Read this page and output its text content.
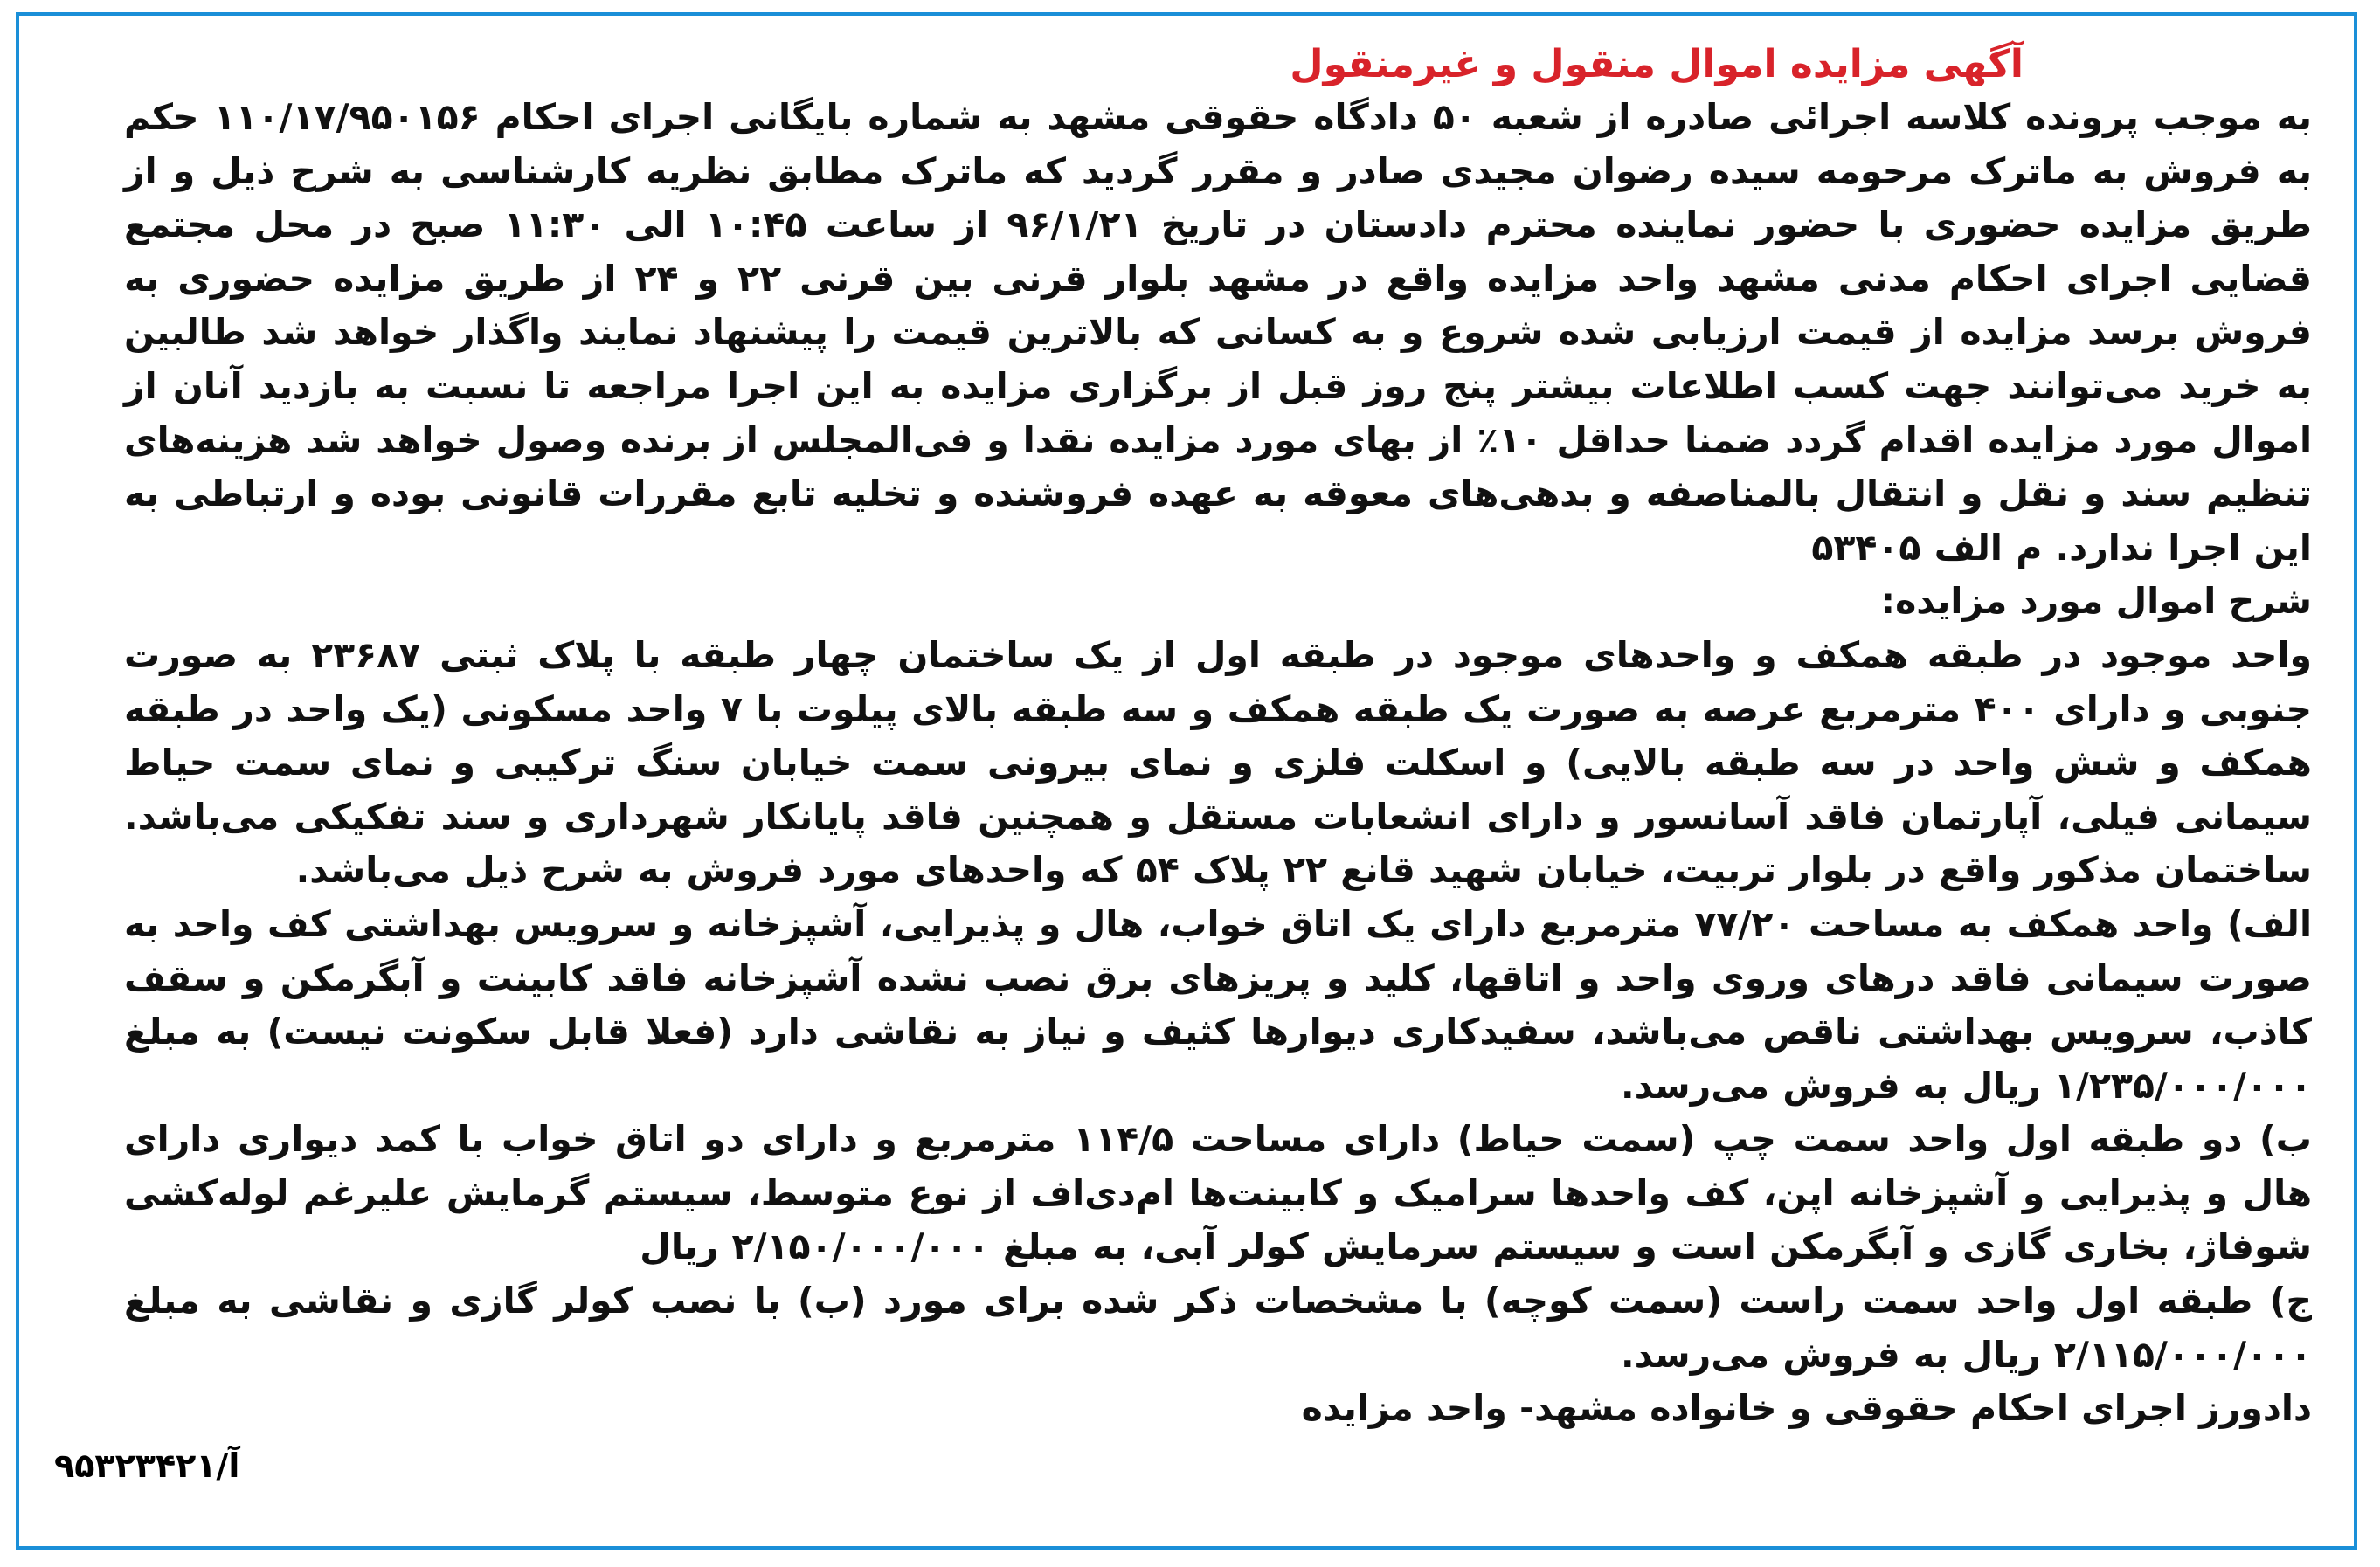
آگهی مزایده اموال منقول و غیرمنقول

به موجب پرونده کلاسه اجرائی صادره از شعبه ۵۰ دادگاه حقوقی مشهد به شماره بایگانی اجرای احکام ۱۱۰/۱۷/۹۵۰۱۵۶ حکم به فروش به ماترک مرحومه سیده رضوان مجیدی صادر و مقرر گردید که ماترک مطابق نظریه کارشناسی به شرح ذیل و از طریق مزایده حضوری با حضور نماینده محترم دادستان در تاریخ ۹۶/۱/۲۱ از ساعت ۱۰:۴۵ الی ۱۱:۳۰ صبح در محل مجتمع قضایی اجرای احکام مدنی مشهد واحد مزایده واقع در مشهد بلوار قرنی بین قرنی ۲۲ و ۲۴ از طریق مزایده حضوری به فروش برسد مزایده از قیمت ارزیابی شده شروع و به کسانی که بالاترین قیمت را پیشنهاد نمایند واگذار خواهد شد طالبین به خرید می‌توانند جهت کسب اطلاعات بیشتر پنج روز قبل از برگزاری مزایده به این اجرا مراجعه تا نسبت به بازدید آنان از اموال مورد مزایده اقدام گردد ضمنا حداقل ۱۰٪ از بهای مورد مزایده نقدا و فی‌المجلس از برنده وصول خواهد شد هزینه‌های تنظیم سند و نقل و انتقال بالمناصفه و بدهی‌های معوقه به عهده فروشنده و تخلیه تابع مقررات قانونی بوده و ارتباطی به این اجرا ندارد. م الف ۵۳۴۰۵

شرح اموال مورد مزایده:

واحد موجود در طبقه همکف و واحدهای موجود در طبقه اول از یک ساختمان چهار طبقه با پلاک ثبتی ۲۳۶۸۷ به صورت جنوبی و دارای ۴۰۰ مترمربع عرصه به صورت یک طبقه همکف و سه طبقه بالای پیلوت با ۷ واحد مسکونی (یک واحد در طبقه همکف و شش واحد در سه طبقه بالایی) و اسکلت فلزی و نمای بیرونی سمت خیابان سنگ ترکیبی و نمای سمت حیاط سیمانی فیلی، آپارتمان فاقد آسانسور و دارای انشعابات مستقل و همچنین فاقد پایانکار شهرداری و سند تفکیکی می‌باشد. ساختمان مذکور واقع در بلوار تربیت، خیابان شهید قانع ۲۲ پلاک ۵۴ که واحدهای مورد فروش به شرح ذیل می‌باشد.

الف) واحد همکف به مساحت ۷۷/۲۰ مترمربع دارای یک اتاق خواب، هال و پذیرایی، آشپزخانه و سرویس بهداشتی کف واحد به صورت سیمانی فاقد درهای وروی واحد و اتاقها، کلید و پریزهای برق نصب نشده آشپزخانه فاقد کابینت و آبگرمکن و سقف کاذب، سرویس بهداشتی ناقص می‌باشد، سفیدکاری دیوارها کثیف و نیاز به نقاشی دارد (فعلا قابل سکونت نیست) به مبلغ ۱/۲۳۵/۰۰۰/۰۰۰ ریال به فروش می‌رسد.

ب) دو طبقه اول واحد سمت چپ (سمت حیاط) دارای مساحت ۱۱۴/۵ مترمربع و دارای دو اتاق خواب با کمد دیواری دارای هال و پذیرایی و آشپزخانه اپن، کف واحدها سرامیک و کابینت‌ها ام‌دی‌اف از نوع متوسط، سیستم گرمایش علیرغم لوله‌کشی شوفاژ، بخاری گازی و آبگرمکن است و سیستم سرمایش کولر آبی، به مبلغ ۲/۱۵۰/۰۰۰/۰۰۰ ریال

ج) طبقه اول واحد سمت راست (سمت کوچه) با مشخصات ذکر شده برای مورد (ب) با نصب کولر گازی و نقاشی به مبلغ ۲/۱۱۵/۰۰۰/۰۰۰ ریال به فروش می‌رسد.

دادورز اجرای احکام حقوقی و خانواده مشهد- واحد مزایده
آ/۹۵۳۲۳۴۲۱
